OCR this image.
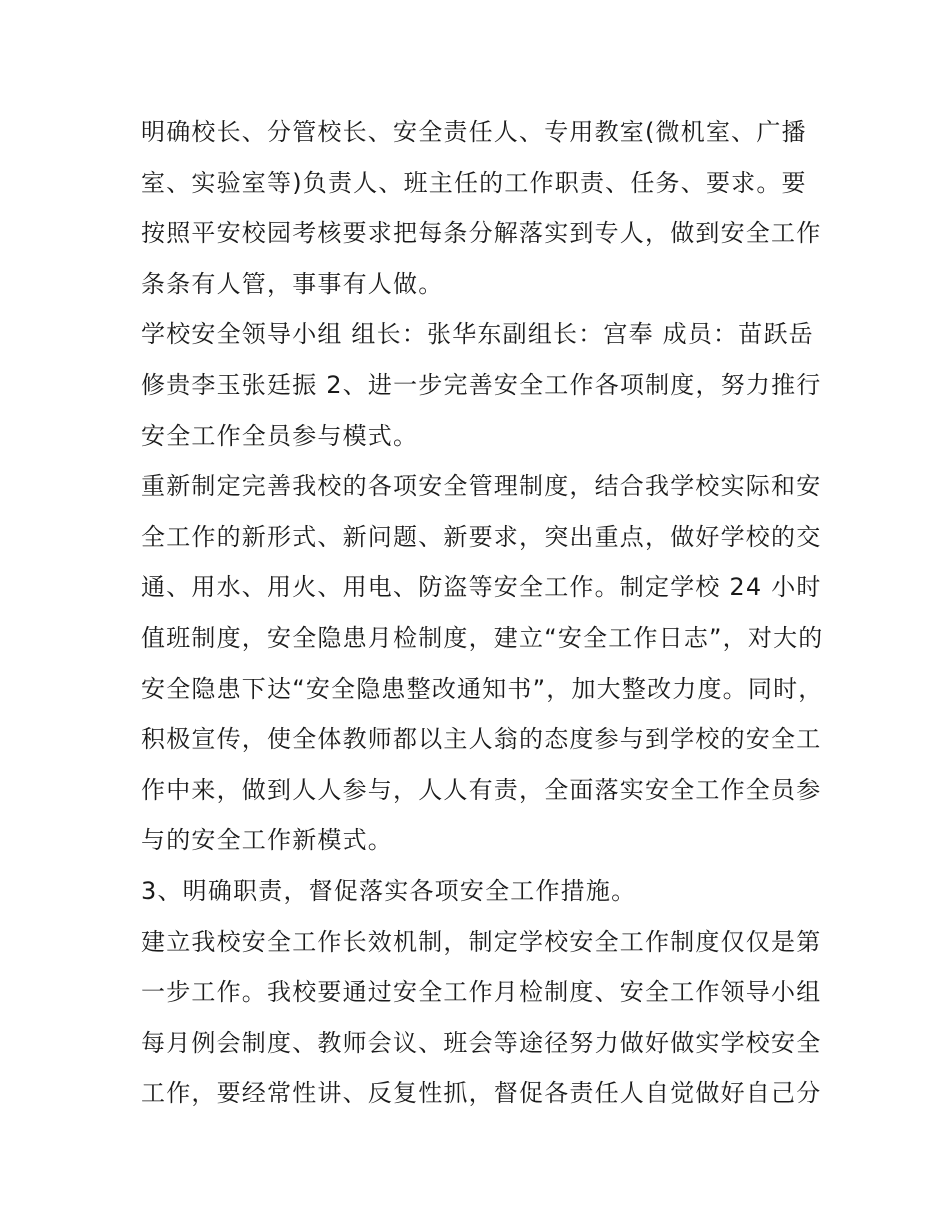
明确校长、分管校长、安全责任人、专用教室(微机室、广播

室、实验室等)负责人、班主任的工作职责、任务、要求。要

按照平安校园考核要求把每条分解落实到专人，做到安全工作

条条有人管，事事有人做。

学校安全领导小组 组长：张华东副组长：宫奉 成员：苗跃岳

修贵李玉张廷振 2、进一步完善安全工作各项制度，努力推行

安全工作全员参与模式。

重新制定完善我校的各项安全管理制度，结合我学校实际和安

全工作的新形式、新问题、新要求，突出重点，做好学校的交

通、用水、用火、用电、防盗等安全工作。制定学校 24 小时

值班制度，安全隐患月检制度，建立“安全工作日志”，对大的

安全隐患下达“安全隐患整改通知书”，加大整改力度。同时，

积极宣传，使全体教师都以主人翁的态度参与到学校的安全工

作中来，做到人人参与，人人有责，全面落实安全工作全员参

与的安全工作新模式。

3、明确职责，督促落实各项安全工作措施。

建立我校安全工作长效机制，制定学校安全工作制度仅仅是第

一步工作。我校要通过安全工作月检制度、安全工作领导小组

每月例会制度、教师会议、班会等途径努力做好做实学校安全

工作，要经常性讲、反复性抓，督促各责任人自觉做好自己分
